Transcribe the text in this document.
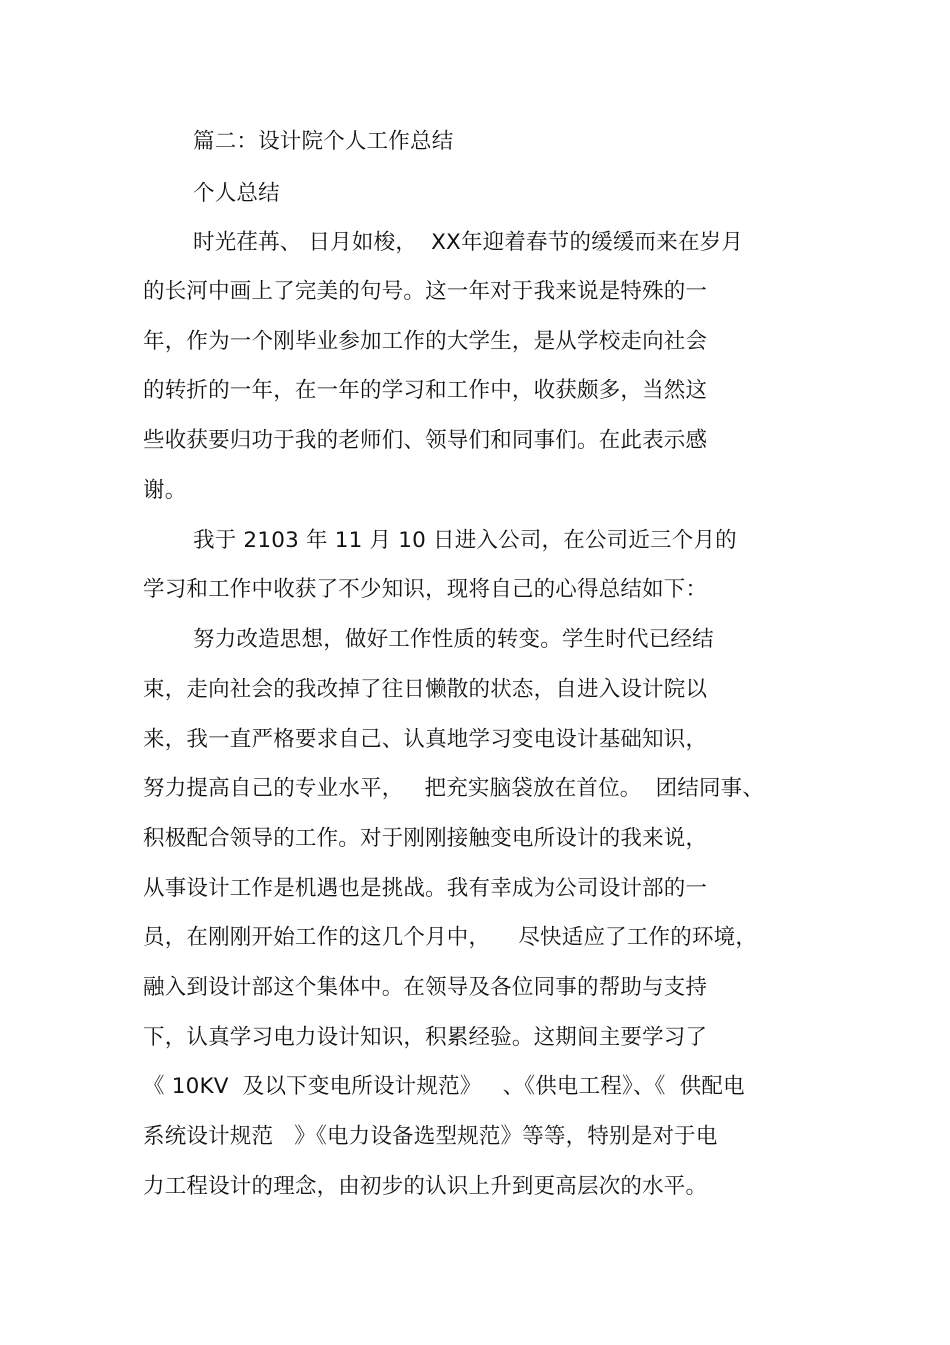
篇二：设计院个人工作总结
个人总结
时光荏苒、 日月如梭，  XX年迎着春节的缓缓而来在岁月
的长河中画上了完美的句号。这一年对于我来说是特殊的一
年，作为一个刚毕业参加工作的大学生，是从学校走向社会
的转折的一年，在一年的学习和工作中，收获颇多，当然这
些收获要归功于我的老师们、领导们和同事们。在此表示感
谢。
我于 2103 年 11 月 10 日进入公司，在公司近三个月的
学习和工作中收获了不少知识，现将自己的心得总结如下：
努力改造思想，做好工作性质的转变。学生时代已经结
束，走向社会的我改掉了往日懒散的状态，自进入设计院以
来，我一直严格要求自己、认真地学习变电设计基础知识，
努力提高自己的专业水平，   把充实脑袋放在首位。  团结同事、
积极配合领导的工作。对于刚刚接触变电所设计的我来说，
从事设计工作是机遇也是挑战。我有幸成为公司设计部的一
员，在刚刚开始工作的这几个月中，    尽快适应了工作的环境，
融入到设计部这个集体中。在领导及各位同事的帮助与支持
下，认真学习电力设计知识，积累经验。这期间主要学习了
《 10KV  及以下变电所设计规范》   、《供电工程》、《  供配电
系统设计规范   》《电力设备选型规范》等等，特别是对于电
力工程设计的理念，由初步的认识上升到更高层次的水平。
